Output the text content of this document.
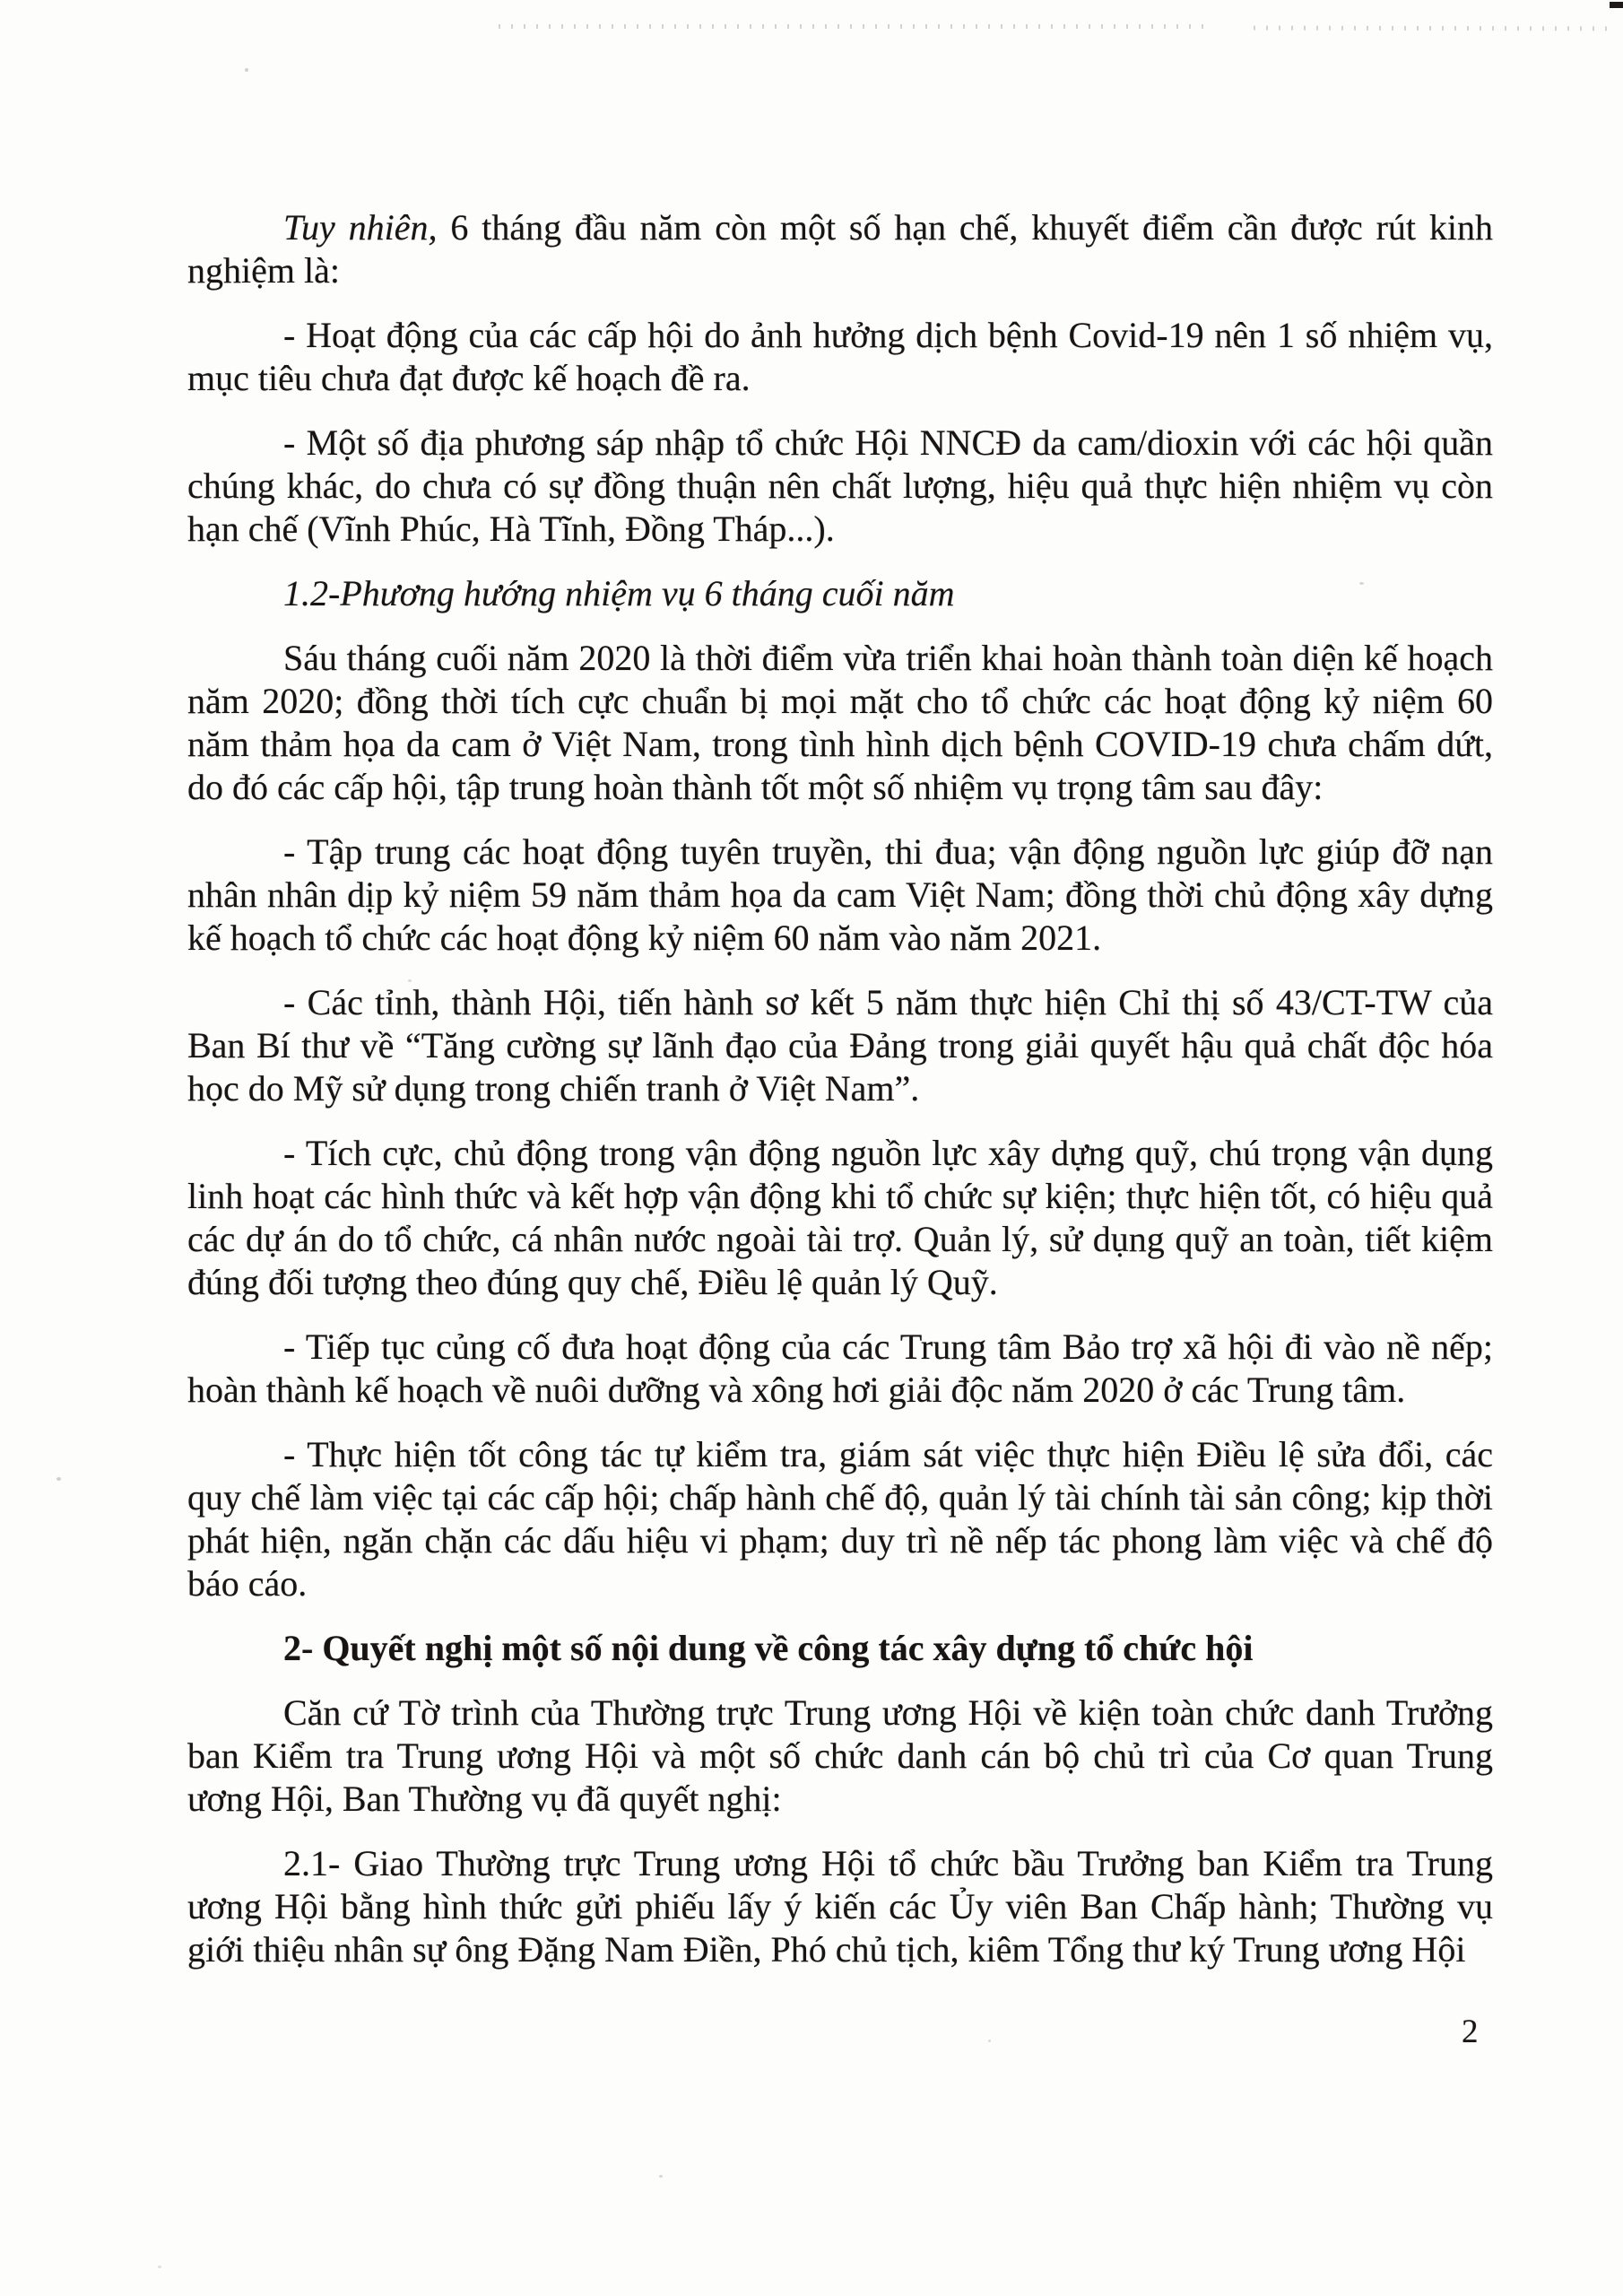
Tuy nhiên, 6 tháng đầu năm còn một số hạn chế, khuyết điểm cần được rút kinh nghiệm là:

- Hoạt động của các cấp hội do ảnh hưởng dịch bệnh Covid-19 nên 1 số nhiệm vụ, mục tiêu chưa đạt được kế hoạch đề ra.

- Một số địa phương sáp nhập tổ chức Hội NNCĐ da cam/dioxin với các hội quần chúng khác, do chưa có sự đồng thuận nên chất lượng, hiệu quả thực hiện nhiệm vụ còn hạn chế (Vĩnh Phúc, Hà Tĩnh, Đồng Tháp...).

1.2-Phương hướng nhiệm vụ 6 tháng cuối năm

Sáu tháng cuối năm 2020 là thời điểm vừa triển khai hoàn thành toàn diện kế hoạch năm 2020; đồng thời tích cực chuẩn bị mọi mặt cho tổ chức các hoạt động kỷ niệm 60 năm thảm họa da cam ở Việt Nam, trong tình hình dịch bệnh COVID-19 chưa chấm dứt, do đó các cấp hội, tập trung hoàn thành tốt một số nhiệm vụ trọng tâm sau đây:

- Tập trung các hoạt động tuyên truyền, thi đua; vận động nguồn lực giúp đỡ nạn nhân nhân dịp kỷ niệm 59 năm thảm họa da cam Việt Nam; đồng thời chủ động xây dựng kế hoạch tổ chức các hoạt động kỷ niệm 60 năm vào năm 2021.

- Các tỉnh, thành Hội, tiến hành sơ kết 5 năm thực hiện Chỉ thị số 43/CT-TW của Ban Bí thư về “Tăng cường sự lãnh đạo của Đảng trong giải quyết hậu quả chất độc hóa học do Mỹ sử dụng trong chiến tranh ở Việt Nam”.

- Tích cực, chủ động trong vận động nguồn lực xây dựng quỹ, chú trọng vận dụng linh hoạt các hình thức và kết hợp vận động khi tổ chức sự kiện; thực hiện tốt, có hiệu quả các dự án do tổ chức, cá nhân nước ngoài tài trợ. Quản lý, sử dụng quỹ an toàn, tiết kiệm đúng đối tượng theo đúng quy chế, Điều lệ quản lý Quỹ.

- Tiếp tục củng cố đưa hoạt động của các Trung tâm Bảo trợ xã hội đi vào nề nếp; hoàn thành kế hoạch về nuôi dưỡng và xông hơi giải độc năm 2020 ở các Trung tâm.

- Thực hiện tốt công tác tự kiểm tra, giám sát việc thực hiện Điều lệ sửa đổi, các quy chế làm việc tại các cấp hội; chấp hành chế độ, quản lý tài chính tài sản công; kịp thời phát hiện, ngăn chặn các dấu hiệu vi phạm; duy trì nề nếp tác phong làm việc và chế độ báo cáo.

2- Quyết nghị một số nội dung về công tác xây dựng tổ chức hội

Căn cứ Tờ trình của Thường trực Trung ương Hội về kiện toàn chức danh Trưởng ban Kiểm tra Trung ương Hội và một số chức danh cán bộ chủ trì của Cơ quan Trung ương Hội, Ban Thường vụ đã quyết nghị:

2.1- Giao Thường trực Trung ương Hội tổ chức bầu Trưởng ban Kiểm tra Trung ương Hội bằng hình thức gửi phiếu lấy ý kiến các Ủy viên Ban Chấp hành; Thường vụ giới thiệu nhân sự ông Đặng Nam Điền, Phó chủ tịch, kiêm Tổng thư ký Trung ương Hội

2
